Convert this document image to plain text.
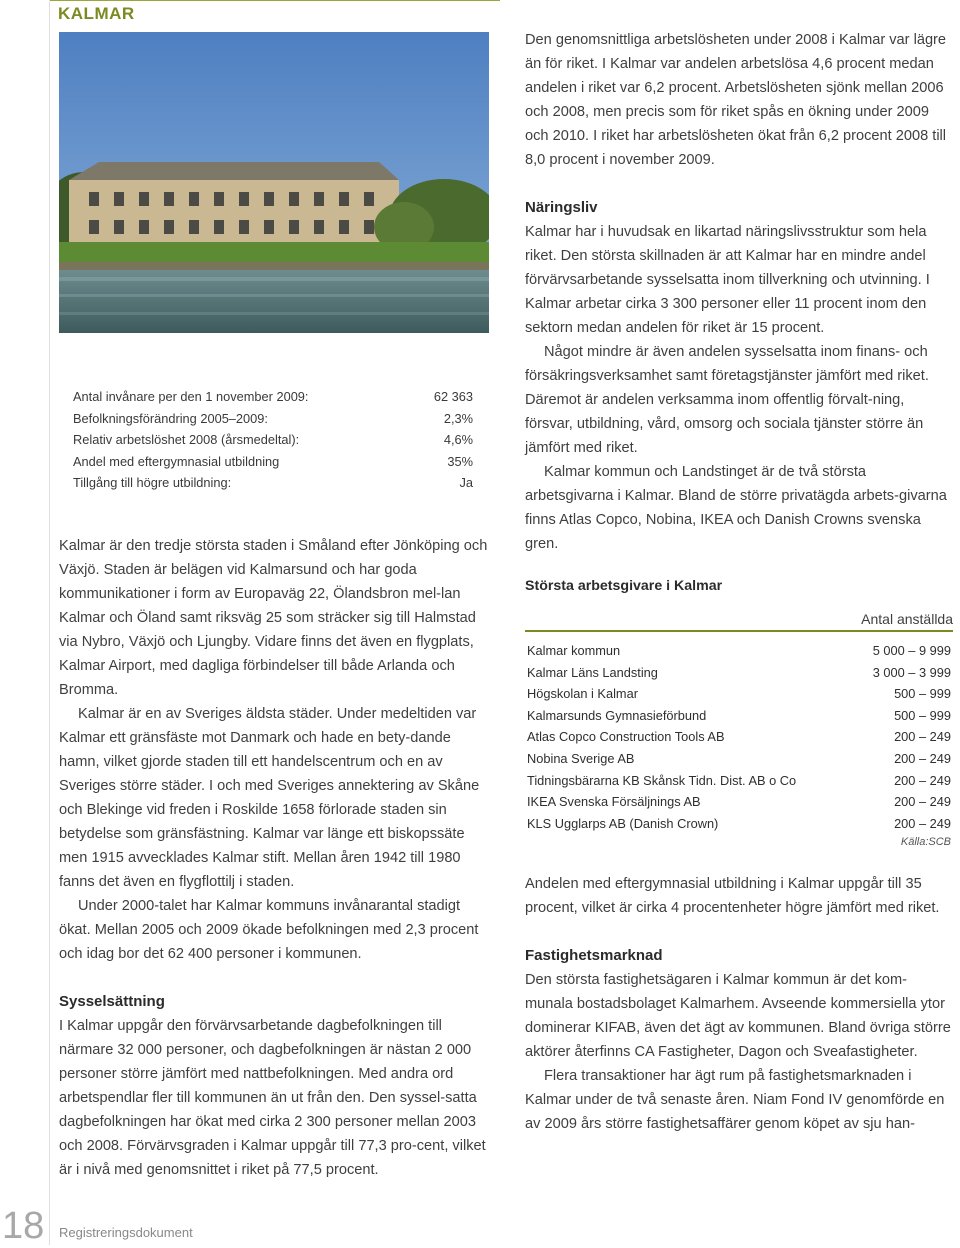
KALMAR
Antal invånare per den 1 november 2009:	62 363
Befolkningsförändring 2005–2009:	2,3%
Relativ arbetslöshet 2008 (årsmedeltal):	4,6%
Andel med eftergymnasial utbildning	35%
Tillgång till högre utbildning:	Ja

Kalmar är den tredje största staden i Småland efter Jönköping och Växjö. Staden är belägen vid Kalmarsund och har goda kommunikationer i form av Europaväg 22, Ölandsbron mel-lan Kalmar och Öland samt riksväg 25 som sträcker sig till Halmstad via Nybro, Växjö och Ljungby. Vidare finns det även en flygplats, Kalmar Airport, med dagliga förbindelser till både Arlanda och Bromma.

Kalmar är en av Sveriges äldsta städer. Under medeltiden var Kalmar ett gränsfäste mot Danmark och hade en bety-dande hamn, vilket gjorde staden till ett handelscentrum och en av Sveriges större städer. I och med Sveriges annektering av Skåne och Blekinge vid freden i Roskilde 1658 förlorade staden sin betydelse som gränsfästning. Kalmar var länge ett biskopssäte men 1915 avvecklades Kalmar stift. Mellan åren 1942 till 1980 fanns det även en flygflottilj i staden.

Under 2000-talet har Kalmar kommuns invånarantal stadigt ökat. Mellan 2005 och 2009 ökade befolkningen med 2,3 procent och idag bor det 62 400 personer i kommunen.

Sysselsättning

I Kalmar uppgår den förvärvsarbetande dagbefolkningen till närmare 32 000 personer, och dagbefolkningen är nästan 2 000 personer större jämfört med nattbefolkningen. Med andra ord arbetspendlar fler till kommunen än ut från den. Den syssel-satta dagbefolkningen har ökat med cirka 2 300 personer mellan 2003 och 2008. Förvärvsgraden i Kalmar uppgår till 77,3 pro-cent, vilket är i nivå med genomsnittet i riket på 77,5 procent.

Den genomsnittliga arbetslösheten under 2008 i Kalmar var lägre än för riket. I Kalmar var andelen arbetslösa 4,6 procent medan andelen i riket var 6,2 procent. Arbetslösheten sjönk mellan 2006 och 2008, men precis som för riket spås en ökning under 2009 och 2010. I riket har arbetslösheten ökat från 6,2 procent 2008 till 8,0 procent i november 2009.

Näringsliv

Kalmar har i huvudsak en likartad näringslivsstruktur som hela riket. Den största skillnaden är att Kalmar har en mindre andel förvärvsarbetande sysselsatta inom tillverkning och utvinning. I Kalmar arbetar cirka 3 300 personer eller 11 procent inom den sektorn medan andelen för riket är 15 procent.

Något mindre är även andelen sysselsatta inom finans- och försäkringsverksamhet samt företagstjänster jämfört med riket. Däremot är andelen verksamma inom offentlig förvalt-ning, försvar, utbildning, vård, omsorg och sociala tjänster större än jämfört med riket.

Kalmar kommun och Landstinget är de två största arbetsgivarna i Kalmar. Bland de större privatägda arbets-givarna finns Atlas Copco, Nobina, IKEA och Danish Crowns svenska gren.

Största arbetsgivare i Kalmar
Antal anställda
Kalmar kommun	5 000 – 9 999
Kalmar Läns Landsting	3 000 – 3 999
Högskolan i Kalmar	500 – 999
Kalmarsunds Gymnasieförbund	500 – 999
Atlas Copco Construction Tools AB	200 – 249
Nobina Sverige AB	200 – 249
Tidningsbärarna KB Skånsk Tidn. Dist. AB o Co	200 – 249
IKEA Svenska Försäljnings AB	200 – 249
KLS Ugglarps AB (Danish Crown)	200 – 249
Källa:SCB

Andelen med eftergymnasial utbildning i Kalmar uppgår till 35 procent, vilket är cirka 4 procentenheter högre jämfört med riket.

Fastighetsmarknad

Den största fastighetsägaren i Kalmar kommun är det kom-munala bostadsbolaget Kalmarhem. Avseende kommersiella ytor dominerar KIFAB, även det ägt av kommunen. Bland övriga större aktörer återfinns CA Fastigheter, Dagon och Sveafastigheter.

Flera transaktioner har ägt rum på fastighetsmarknaden i Kalmar under de två senaste åren. Niam Fond IV genomförde en av 2009 års större fastighetsaffärer genom köpet av sju han-

18 Registreringsdokument
